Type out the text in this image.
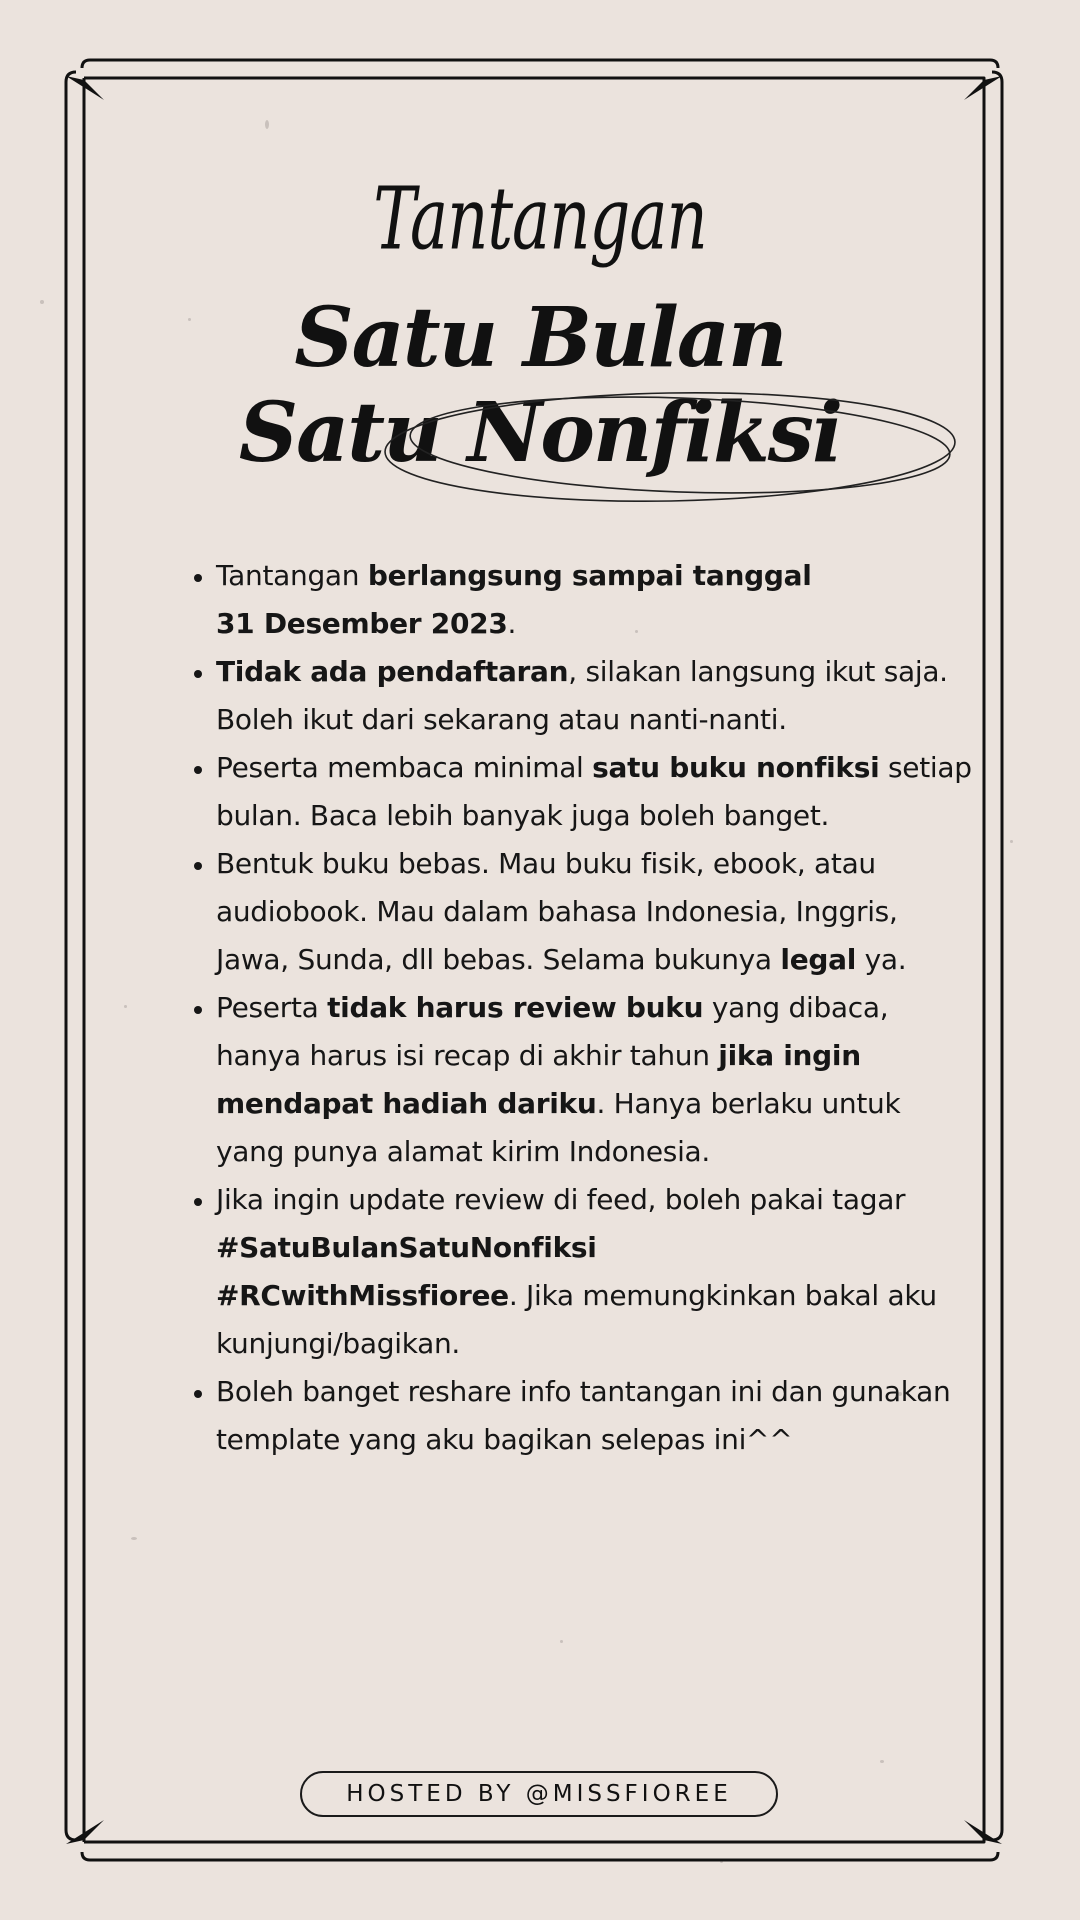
Tantangan
Satu Bulan
Satu Nonfiksi
• Tantangan berlangsung sampai tanggal
31 Desember 2023.
• Tidak ada pendaftaran, silakan langsung ikut saja. Boleh ikut dari sekarang atau nanti-nanti.
• Peserta membaca minimal satu buku nonfiksi setiap bulan. Baca lebih banyak juga boleh banget.
• Bentuk buku bebas. Mau buku fisik, ebook, atau audiobook. Mau dalam bahasa Indonesia, Inggris, Jawa, Sunda, dll bebas. Selama bukunya legal ya.
• Peserta tidak harus review buku yang dibaca, hanya harus isi recap di akhir tahun jika ingin mendapat hadiah dariku. Hanya berlaku untuk yang punya alamat kirim Indonesia.
• Jika ingin update review di feed, boleh pakai tagar #SatuBulanSatuNonfiksi
#RCwithMissfioree. Jika memungkinkan bakal aku kunjungi/bagikan.
• Boleh banget reshare info tantangan ini dan gunakan template yang aku bagikan selepas ini^^
HOSTED BY @MISSFIOREE
